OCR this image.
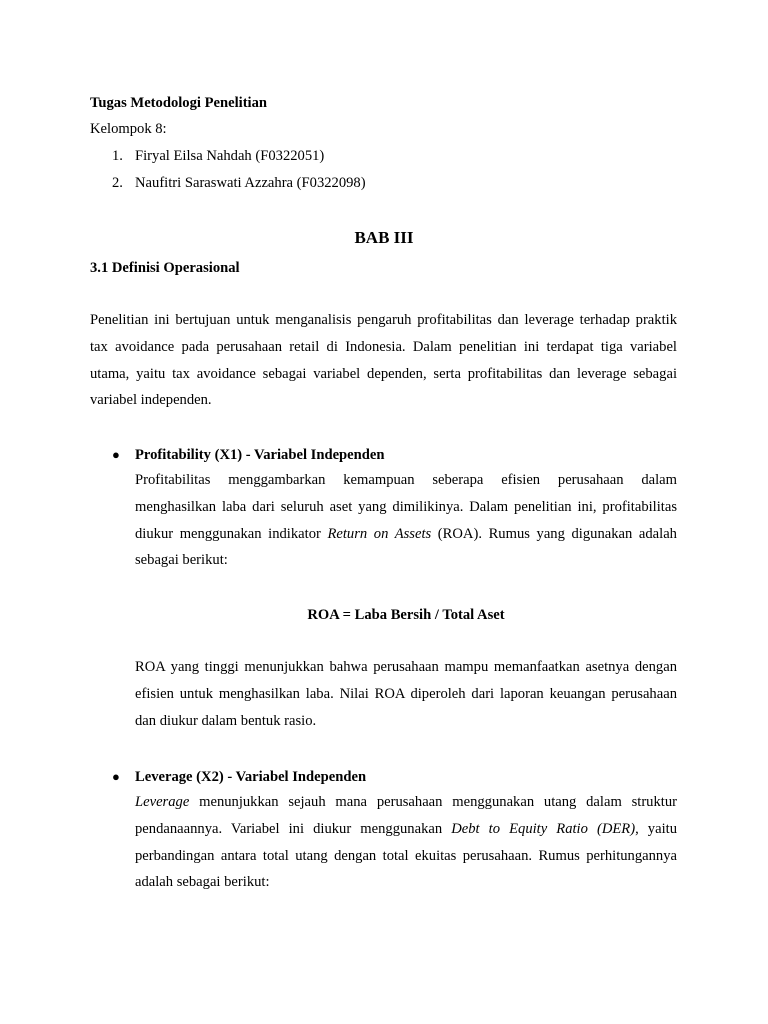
Tugas Metodologi Penelitian
Kelompok 8:
1. Firyal Eilsa Nahdah (F0322051)
2. Naufitri Saraswati Azzahra (F0322098)
BAB III
3.1 Definisi Operasional
Penelitian ini bertujuan untuk menganalisis pengaruh profitabilitas dan leverage terhadap praktik
tax avoidance pada perusahaan retail di Indonesia. Dalam penelitian ini terdapat tiga variabel
utama, yaitu tax avoidance sebagai variabel dependen, serta profitabilitas dan leverage sebagai
variabel independen.
● Profitability (X1) - Variabel Independen
Profitabilitas menggambarkan kemampuan seberapa efisien perusahaan dalam
menghasilkan laba dari seluruh aset yang dimilikinya. Dalam penelitian ini, profitabilitas
diukur menggunakan indikator Return on Assets (ROA). Rumus yang digunakan adalah
sebagai berikut:
ROA = Laba Bersih / Total Aset
ROA yang tinggi menunjukkan bahwa perusahaan mampu memanfaatkan asetnya dengan
efisien untuk menghasilkan laba. Nilai ROA diperoleh dari laporan keuangan perusahaan
dan diukur dalam bentuk rasio.
● Leverage (X2) - Variabel Independen
Leverage menunjukkan sejauh mana perusahaan menggunakan utang dalam struktur
pendanaannya. Variabel ini diukur menggunakan Debt to Equity Ratio (DER), yaitu
perbandingan antara total utang dengan total ekuitas perusahaan. Rumus perhitungannya
adalah sebagai berikut:
